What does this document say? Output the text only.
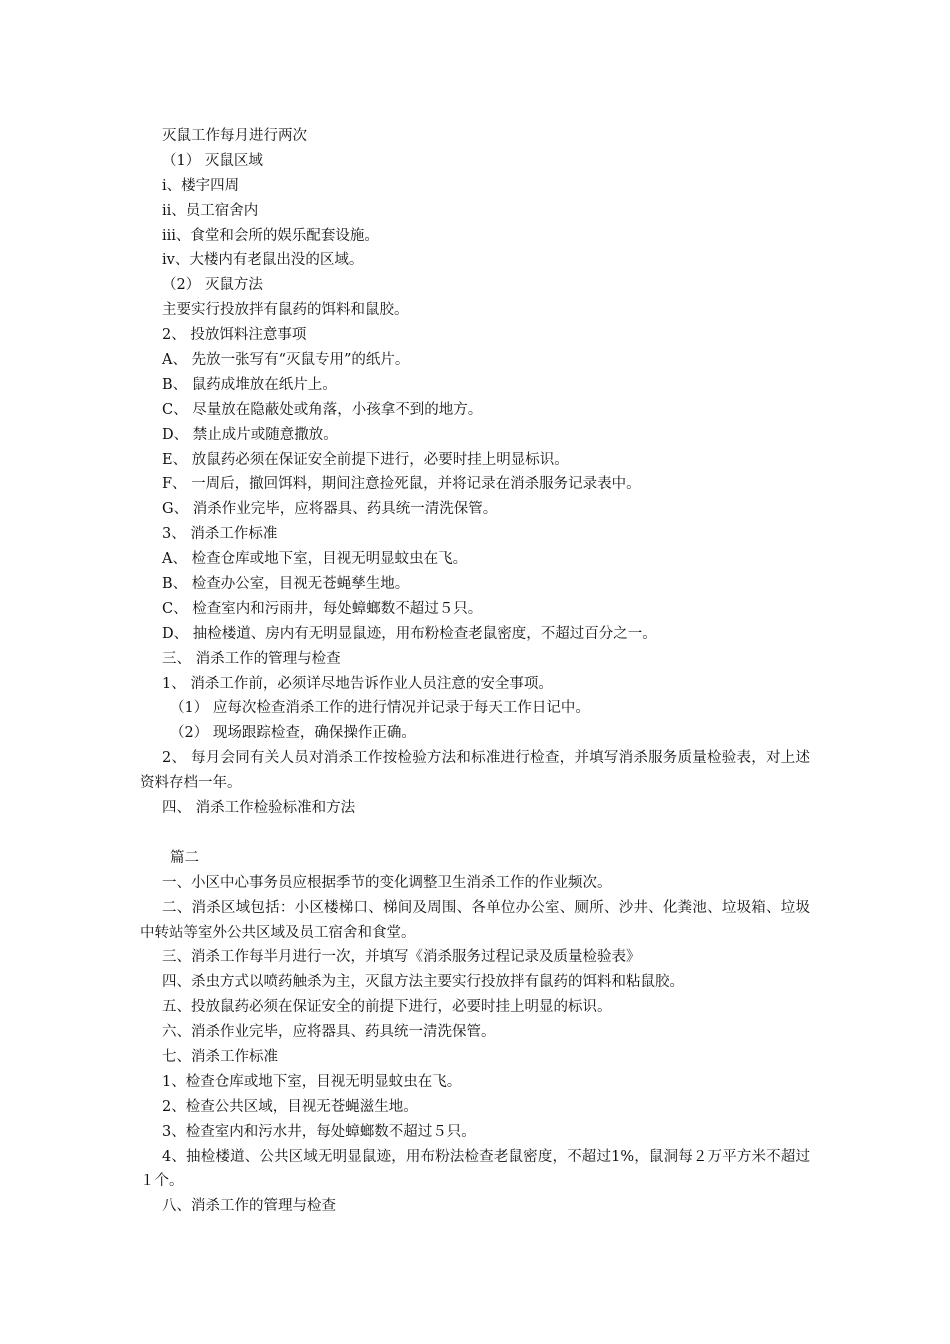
灭鼠工作每月进行两次
（1） 灭鼠区域
ⅰ、楼宇四周
ⅱ、员工宿舍内
ⅲ、食堂和会所的娱乐配套设施。
ⅳ、大楼内有老鼠出没的区域。
（2） 灭鼠方法
主要实行投放拌有鼠药的饵料和鼠胶。
2、 投放饵料注意事项
A、 先放一张写有“灭鼠专用”的纸片。
B、 鼠药成堆放在纸片上。
C、 尽量放在隐蔽处或角落，小孩拿不到的地方。
D、 禁止成片或随意撒放。
E、 放鼠药必须在保证安全前提下进行，必要时挂上明显标识。
F、 一周后，撤回饵料，期间注意捡死鼠，并将记录在消杀服务记录表中。
G、 消杀作业完毕，应将器具、药具统一清洗保管。
3、 消杀工作标准
A、 检查仓库或地下室，目视无明显蚊虫在飞。
B、 检查办公室，目视无苍蝇孳生地。
C、 检查室内和污雨井，每处蟑螂数不超过５只。
D、 抽检楼道、房内有无明显鼠迹，用布粉检查老鼠密度，不超过百分之一。
三、 消杀工作的管理与检查
1、 消杀工作前，必须详尽地告诉作业人员注意的安全事项。
（1） 应每次检查消杀工作的进行情况并记录于每天工作日记中。
（2） 现场跟踪检查，确保操作正确。
2、 每月会同有关人员对消杀工作按检验方法和标准进行检查，并填写消杀服务质量检验表，对上述资料存档一年。
四、 消杀工作检验标准和方法
篇二
一、小区中心事务员应根据季节的变化调整卫生消杀工作的作业频次。
二、消杀区域包括：小区楼梯口、梯间及周围、各单位办公室、厕所、沙井、化粪池、垃圾箱、垃圾中转站等室外公共区域及员工宿舍和食堂。
三、消杀工作每半月进行一次，并填写《消杀服务过程记录及质量检验表》
四、杀虫方式以喷药触杀为主，灭鼠方法主要实行投放拌有鼠药的饵料和粘鼠胶。
五、投放鼠药必须在保证安全的前提下进行，必要时挂上明显的标识。
六、消杀作业完毕，应将器具、药具统一清洗保管。
七、消杀工作标准
1、检查仓库或地下室，目视无明显蚊虫在飞。
2、检查公共区域，目视无苍蝇滋生地。
3、检查室内和污水井，每处蟑螂数不超过５只。
4、抽检楼道、公共区域无明显鼠迹，用布粉法检查老鼠密度，不超过1%，鼠洞每２万平方米不超过１个。
八、消杀工作的管理与检查
